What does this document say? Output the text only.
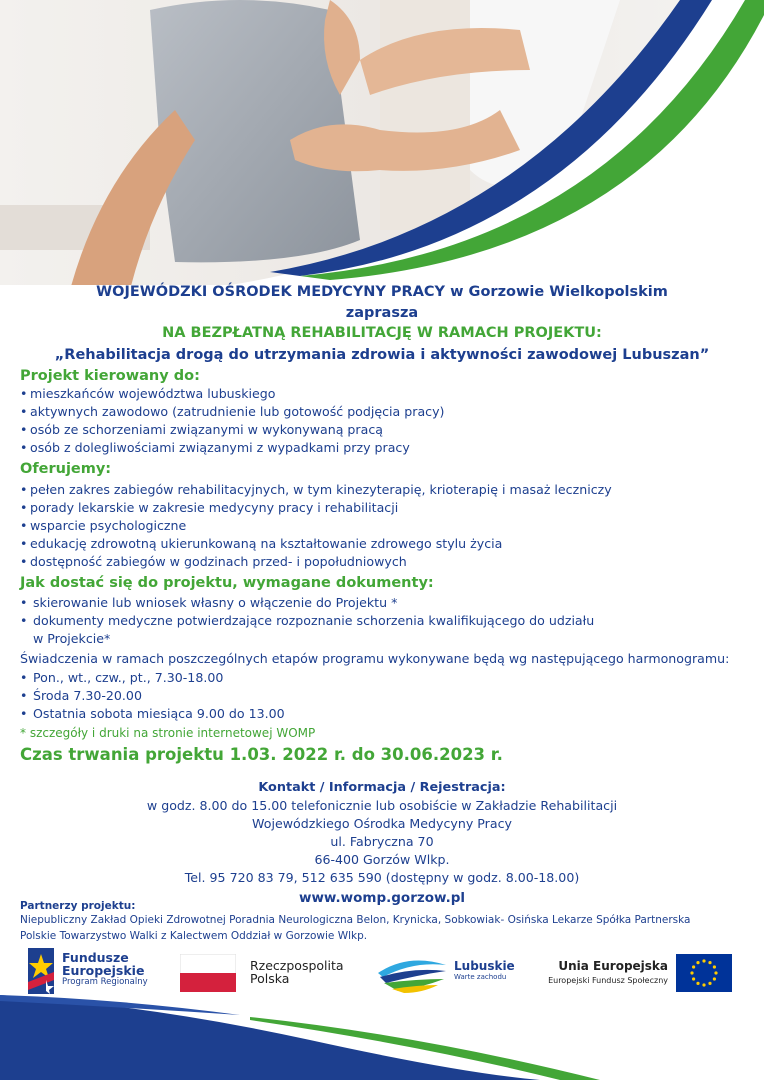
WOJEWÓDZKI OŚRODEK MEDYCYNY PRACY w Gorzowie Wielkopolskim

zaprasza

NA BEZPŁATNĄ REHABILITACJĘ W RAMACH PROJEKTU:

„Rehabilitacja drogą do utrzymania zdrowia i aktywności zawodowej Lubuszan”

Projekt kierowany do:

• mieszkańców województwa lubuskiego
• aktywnych zawodowo (zatrudnienie lub gotowość podjęcia pracy)
• osób ze schorzeniami związanymi w wykonywaną pracą
• osób z dolegliwościami związanymi z wypadkami przy pracy

Oferujemy:

• pełen zakres zabiegów rehabilitacyjnych, w tym kinezyterapię, krioterapię i masaż leczniczy
• porady lekarskie w zakresie medycyny pracy i rehabilitacji
• wsparcie psychologiczne
• edukację zdrowotną ukierunkowaną na kształtowanie zdrowego stylu życia
• dostępność zabiegów w godzinach przed- i popołudniowych

Jak dostać się do projektu, wymagane dokumenty:

• skierowanie lub wniosek własny o włączenie do Projektu *
• dokumenty medyczne potwierdzające rozpoznanie schorzenia kwalifikującego do udziału
w Projekcie*

Świadczenia w ramach poszczególnych etapów programu wykonywane będą wg następującego harmonogramu:

• Pon., wt., czw., pt., 7.30-18.00
• Środa 7.30-20.00
• Ostatnia sobota miesiąca 9.00 do 13.00

* szczegóły i druki na stronie internetowej WOMP

Czas trwania projektu 1.03. 2022 r. do 30.06.2023 r.

Kontakt / Informacja / Rejestracja:

w godz. 8.00 do 15.00 telefonicznie lub osobiście w Zakładzie Rehabilitacji

Wojewódzkiego Ośrodka Medycyny Pracy

ul. Fabryczna 70

66-400 Gorzów Wlkp.

Tel. 95 720 83 79, 512 635 590 (dostępny w godz. 8.00-18.00)

www.womp.gorzow.pl

Partnerzy projektu:

Niepubliczny Zakład Opieki Zdrowotnej Poradnia Neurologiczna Belon, Krynicka, Sobkowiak- Osińska Lekarze Spółka Partnerska

Polskie Towarzystwo Walki z Kalectwem Oddział w Gorzowie Wlkp.

Fundusze
Europejskie
Program Regionalny
Rzeczpospolita
Polska
Lubuskie
Warte zachodu
Unia Europejska
Europejski Fundusz Społeczny
